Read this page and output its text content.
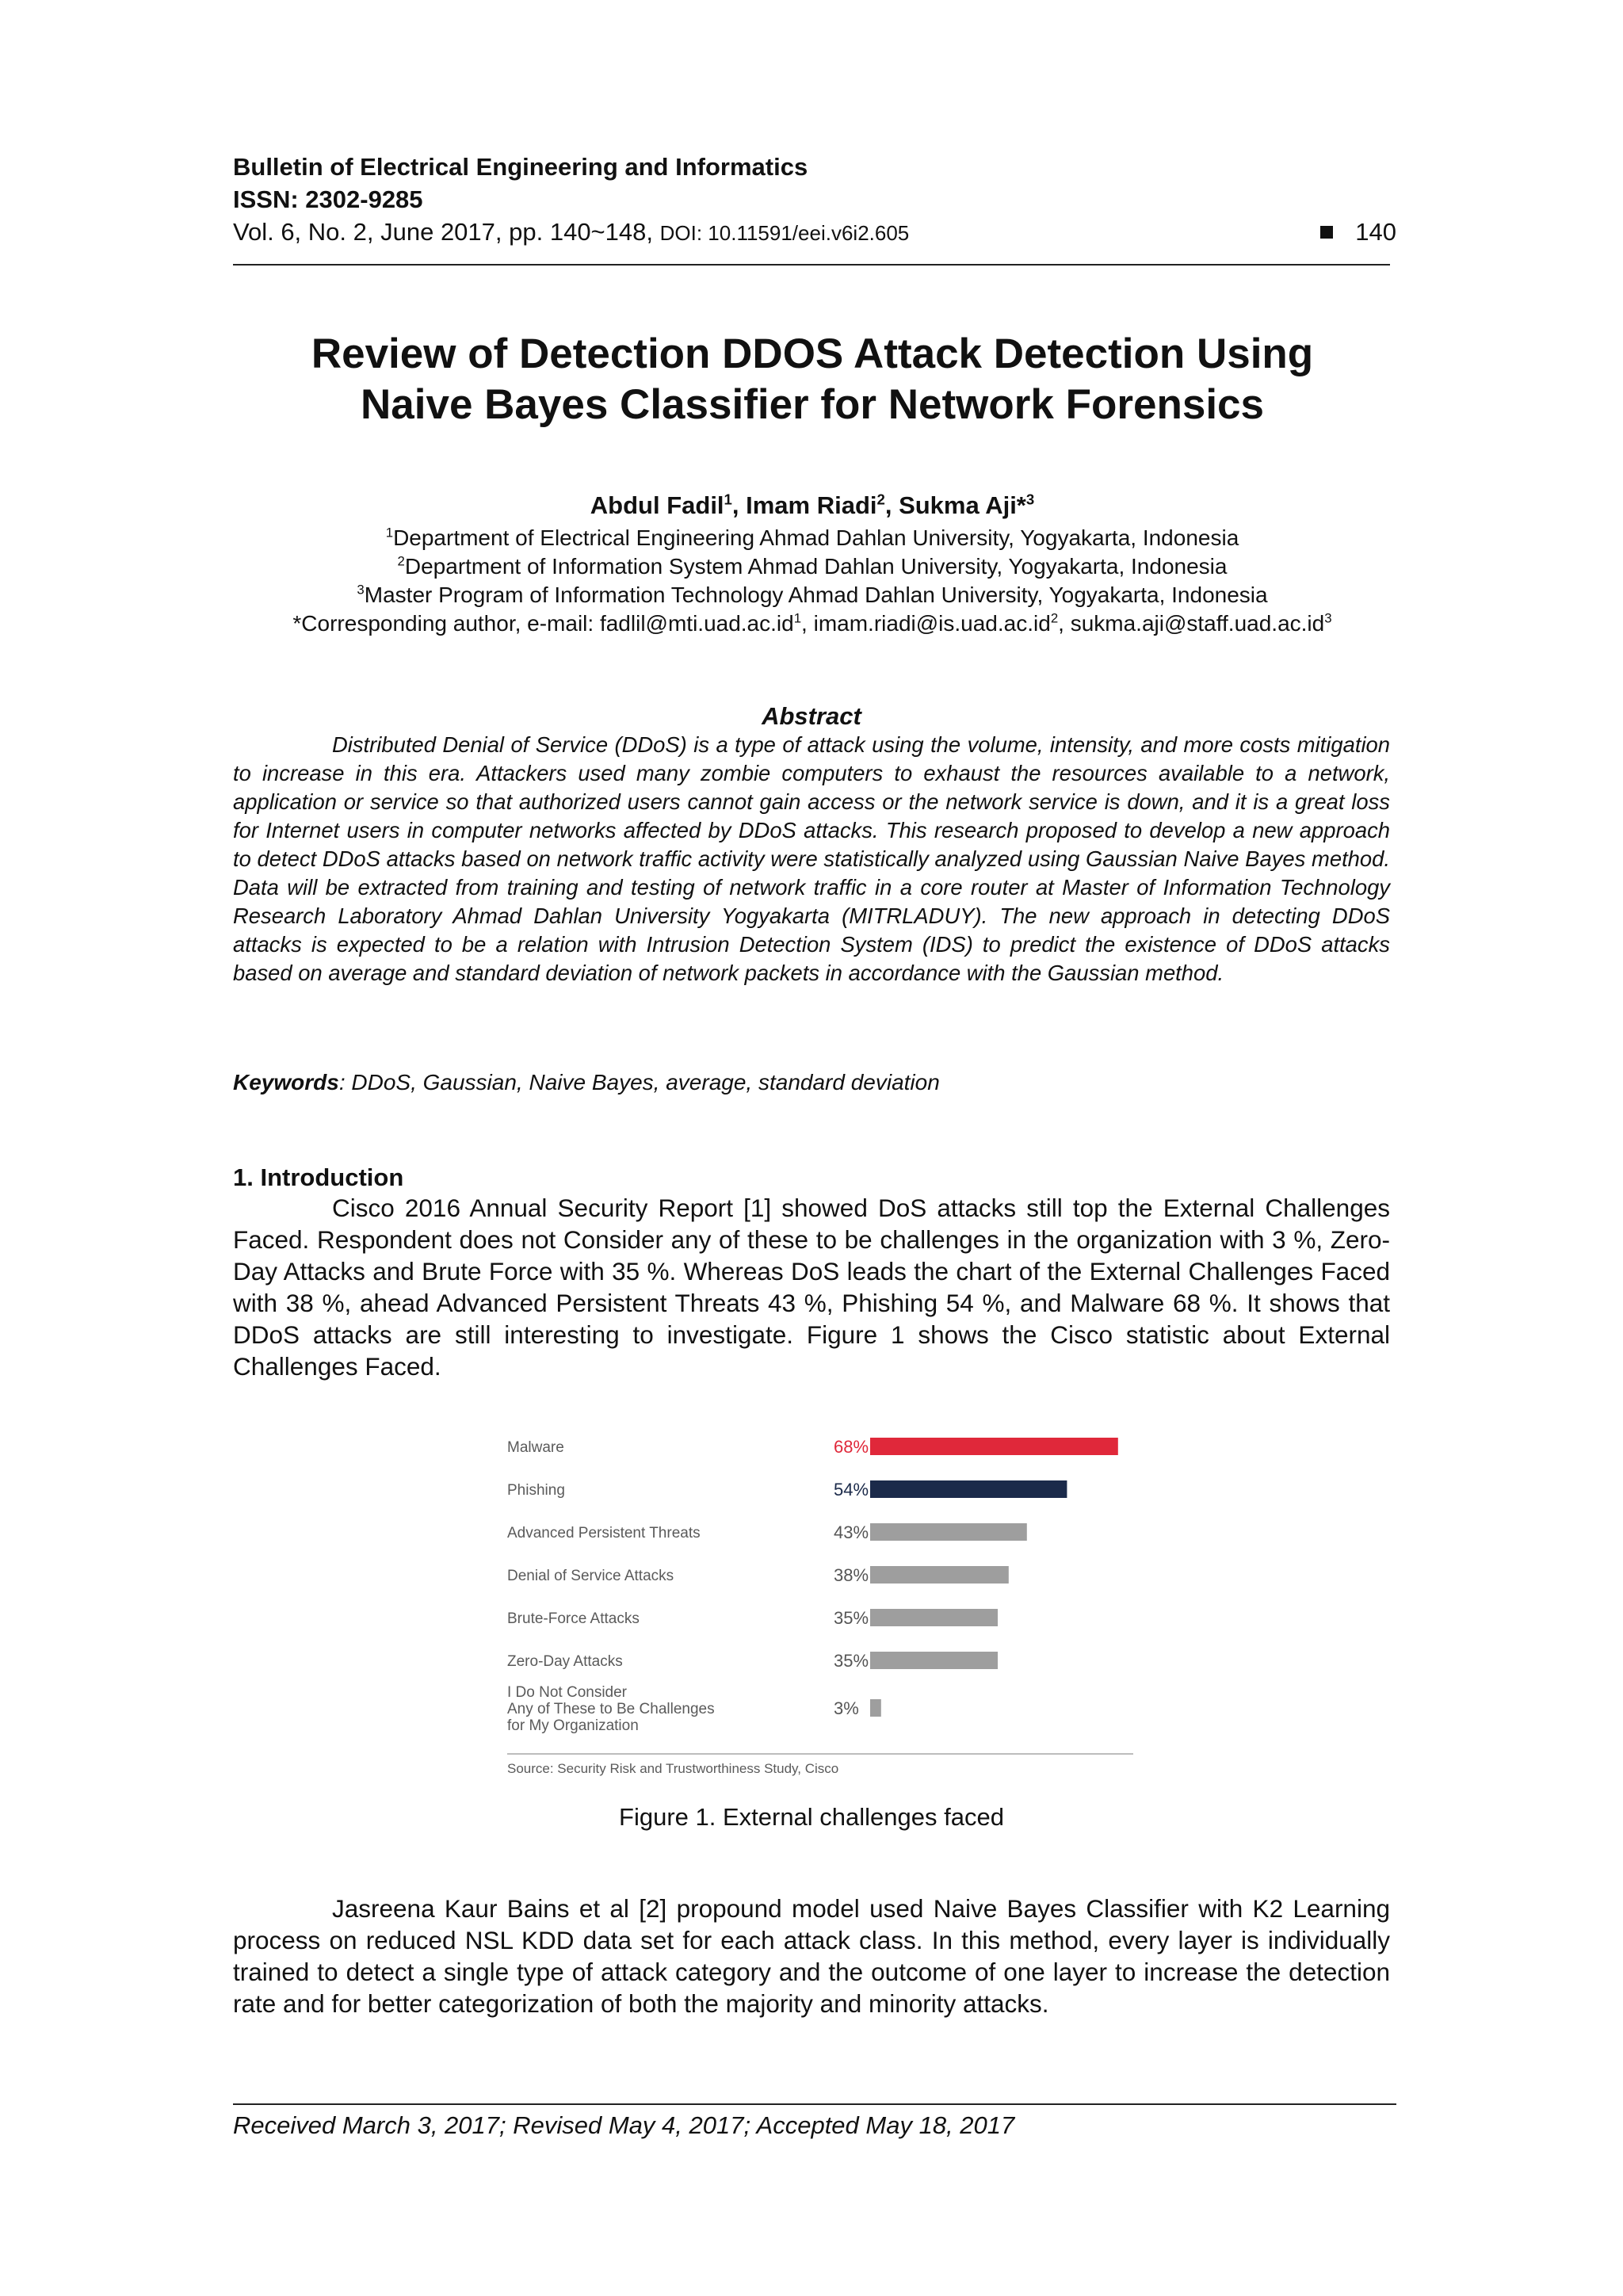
Bulletin of Electrical Engineering and Informatics
ISSN: 2302-9285
Vol. 6, No. 2, June 2017, pp. 140~148, DOI: 10.11591/eei.v6i2.605	140
Review of Detection DDOS Attack Detection Using
Naive Bayes Classifier for Network Forensics
Abdul Fadil$^1$, Imam Riadi$^2$, Sukma Aji*$^3$
$^1$Department of Electrical Engineering Ahmad Dahlan University, Yogyakarta, Indonesia
$^2$Department of Information System Ahmad Dahlan University, Yogyakarta, Indonesia
$^3$Master Program of Information Technology Ahmad Dahlan University, Yogyakarta, Indonesia
*Corresponding author, e-mail: $fadlil@mti.uad.ac.id^1$, $imam.riadi@is.uad.ac.id^2$, $sukma.aji@staff.uad.ac.id^3$
Abstract

Distributed Denial of Service (DDoS) is a type of attack using the volume, intensity, and more costs mitigation to increase in this era. Attackers used many zombie computers to exhaust the resources available to a network, application or service so that authorized users cannot gain access or the network service is down, and it is a great loss for Internet users in computer networks affected by DDoS attacks. This research proposed to develop a new approach to detect DDoS attacks based on network traffic activity were statistically analyzed using Gaussian Naive Bayes method. Data will be extracted from training and testing of network traffic in a core router at Master of Information Technology Research Laboratory Ahmad Dahlan University Yogyakarta (MITRLADUY). The new approach in detecting DDoS attacks is expected to be a relation with Intrusion Detection System (IDS) to predict the existence of DDoS attacks based on average and standard deviation of network packets in accordance with the Gaussian method.

Keywords: DDoS, Gaussian, Naive Bayes, average, standard deviation
1. Introduction

Cisco 2016 Annual Security Report [1] showed DoS attacks still top the External Challenges Faced. Respondent does not Consider any of these to be challenges in the organization with 3 %, Zero-Day Attacks and Brute Force with 35 %. Whereas DoS leads the chart of the External Challenges Faced with 38 %, ahead Advanced Persistent Threats 43 %, Phishing 54 %, and Malware 68 %. It shows that DDoS attacks are still interesting to investigate. Figure 1 shows the Cisco statistic about External Challenges Faced.

Malware	68%
Phishing	54%
Advanced Persistent Threats	43%
Denial of Service Attacks	38%
Brute-Force Attacks	35%
Zero-Day Attacks	35%
I Do Not Consider
Any of These to Be Challenges
for My Organization
3%
Source: Security Risk and Trustworthiness Study, Cisco
Figure 1. External challenges faced

Jasreena Kaur Bains et al [2] propound model used Naive Bayes Classifier with K2 Learning process on reduced NSL KDD data set for each attack class. In this method, every layer is individually trained to detect a single type of attack category and the outcome of one layer to increase the detection rate and for better categorization of both the majority and minority attacks.

Received March 3, 2017; Revised May 4, 2017; Accepted May 18, 2017
